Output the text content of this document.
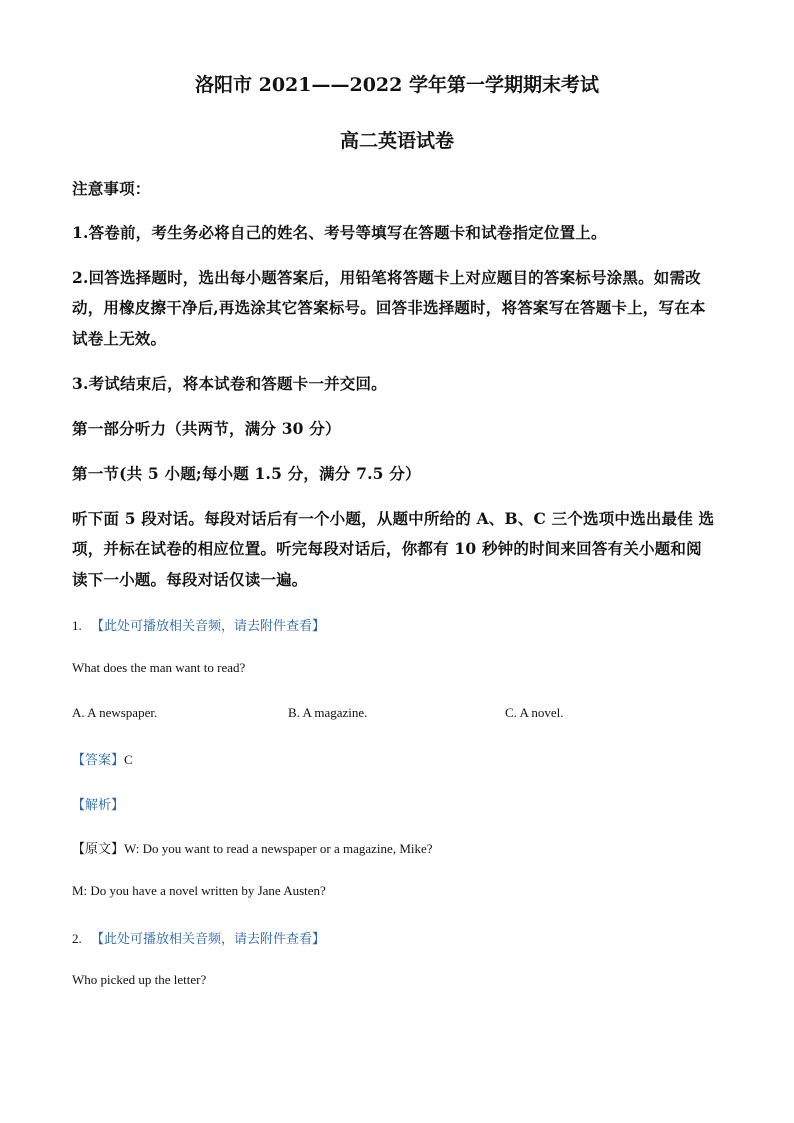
洛阳市 2021——2022 学年第一学期期末考试
高二英语试卷
注意事项：
1.答卷前，考生务必将自己的姓名、考号等填写在答题卡和试卷指定位置上。
2.回答选择题时，选出每小题答案后，用铅笔将答题卡上对应题目的答案标号涂黑。如需改
动，用橡皮擦干净后,再选涂其它答案标号。回答非选择题时，将答案写在答题卡上，写在本
试卷上无效。
3.考试结束后，将本试卷和答题卡一并交回。
第一部分听力（共两节，满分 30 分）
第一节(共 5 小题;每小题 1.5 分，满分 7.5 分）
听下面 5 段对话。每段对话后有一个小题，从题中所给的 A、B、C 三个选项中选出最佳 选
项，并标在试卷的相应位置。听完每段对话后，你都有 10 秒钟的时间来回答有关小题和阅
读下一小题。每段对话仅读一遍。
1. 【此处可播放相关音频，请去附件查看】
What does the man want to read?
A. A newspaper.	B. A magazine.	C. A novel.
【答案】C
【解析】
【原文】W: Do you want to read a newspaper or a magazine, Mike?
M: Do you have a novel written by Jane Austen?
2. 【此处可播放相关音频，请去附件查看】
Who picked up the letter?
